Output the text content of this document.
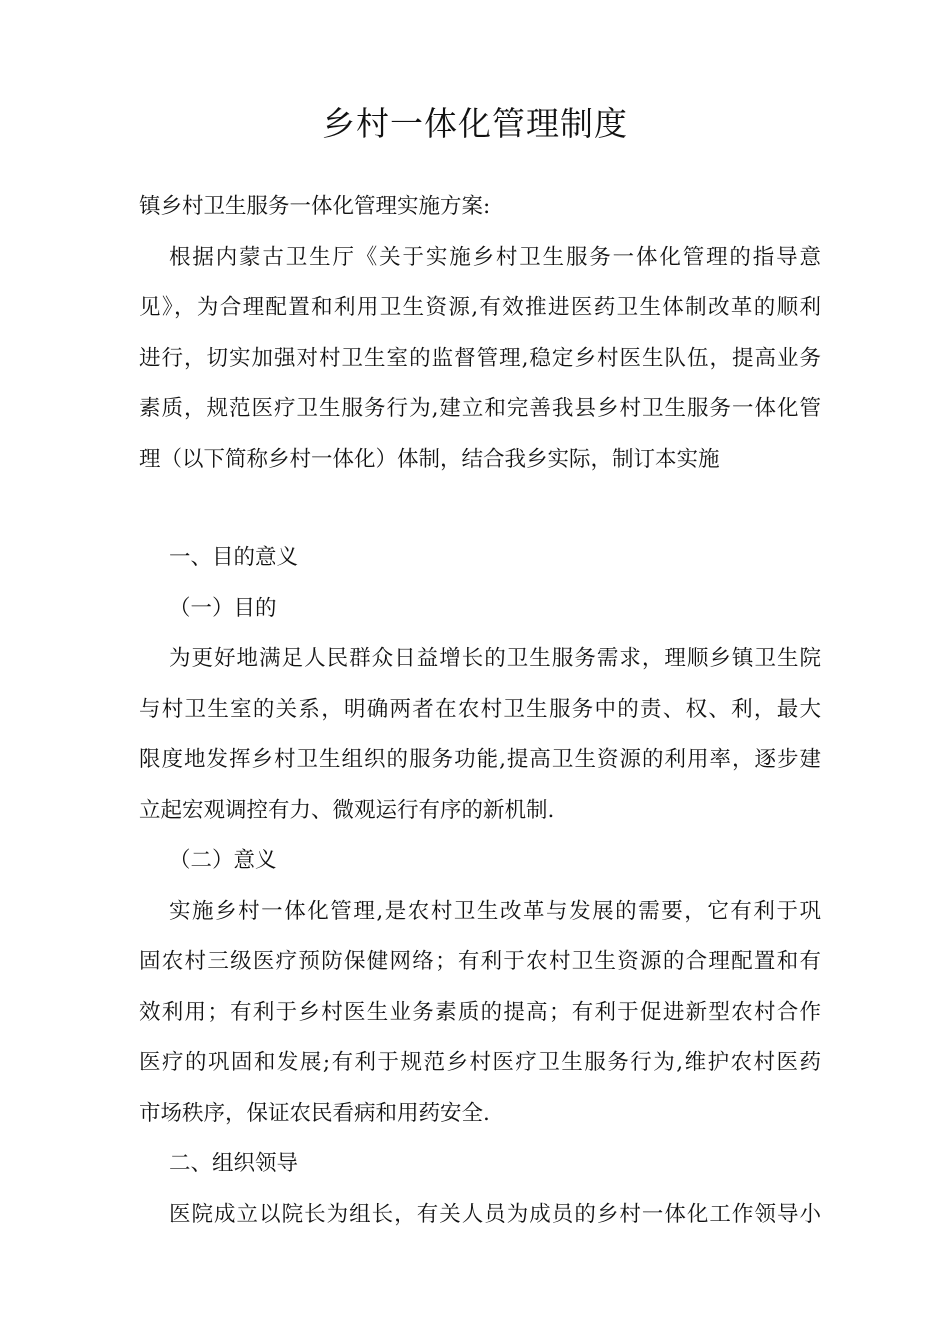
乡村一体化管理制度
镇乡村卫生服务一体化管理实施方案:
根据内蒙古卫生厅《关于实施乡村卫生服务一体化管理的指导意
见》，为合理配置和利用卫生资源,有效推进医药卫生体制改革的顺利
进行，切实加强对村卫生室的监督管理,稳定乡村医生队伍，提高业务
素质，规范医疗卫生服务行为,建立和完善我县乡村卫生服务一体化管
理（以下简称乡村一体化）体制，结合我乡实际，制订本实施
一、目的意义
（一）目的
为更好地满足人民群众日益增长的卫生服务需求，理顺乡镇卫生院
与村卫生室的关系，明确两者在农村卫生服务中的责、权、利，最大
限度地发挥乡村卫生组织的服务功能,提高卫生资源的利用率，逐步建
立起宏观调控有力、微观运行有序的新机制.
（二）意义
实施乡村一体化管理,是农村卫生改革与发展的需要，它有利于巩
固农村三级医疗预防保健网络；有利于农村卫生资源的合理配置和有
效利用；有利于乡村医生业务素质的提高；有利于促进新型农村合作
医疗的巩固和发展;有利于规范乡村医疗卫生服务行为,维护农村医药
市场秩序，保证农民看病和用药安全.
二、组织领导
医院成立以院长为组长，有关人员为成员的乡村一体化工作领导小
